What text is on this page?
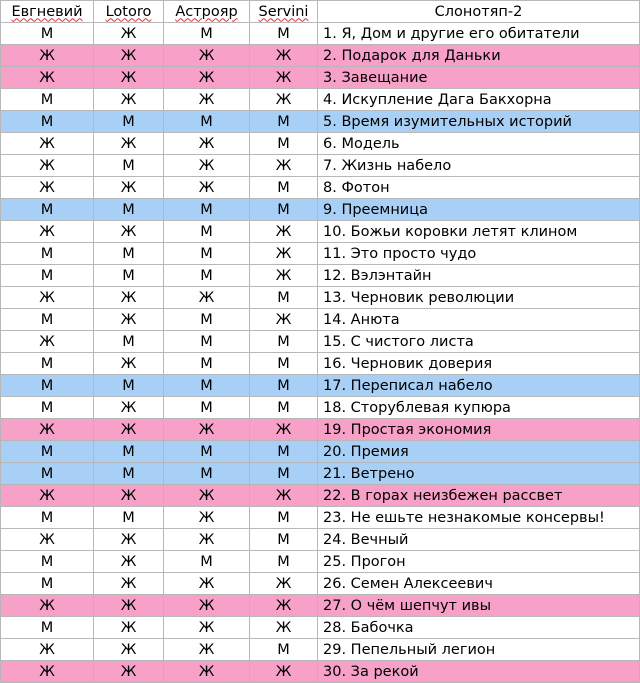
Евгневий	Lotoro	Астрояр	Servini	Слонотяп-2
М	Ж	М	М	1. Я, Дом и другие его обитатели
Ж	Ж	Ж	Ж	2. Подарок для Даньки
Ж	Ж	Ж	Ж	3. Завещание
М	Ж	Ж	Ж	4. Искупление Дага Бакхорна
М	М	М	М	5. Время изумительных историй
Ж	Ж	Ж	М	6. Модель
Ж	М	Ж	Ж	7. Жизнь набело
Ж	Ж	Ж	М	8. Фотон
М	М	М	М	9. Преемница
Ж	Ж	М	Ж	10. Божьи коровки летят клином
М	М	М	Ж	11. Это просто чудо
М	М	М	Ж	12. Вэлэнтайн
Ж	Ж	Ж	М	13. Черновик революции
М	Ж	М	Ж	14. Анюта
Ж	М	М	М	15. С чистого листа
М	Ж	М	М	16. Черновик доверия
М	М	М	М	17. Переписал набело
М	Ж	М	М	18. Сторублевая купюра
Ж	Ж	Ж	Ж	19. Простая экономия
М	М	М	М	20. Премия
М	М	М	М	21. Ветрено
Ж	Ж	Ж	Ж	22. В горах неизбежен рассвет
М	М	Ж	М	23. Не ешьте незнакомые консервы!
Ж	Ж	Ж	М	24. Вечный
М	Ж	М	М	25. Прогон
М	Ж	Ж	Ж	26. Семен Алексеевич
Ж	Ж	Ж	Ж	27. О чём шепчут ивы
М	Ж	Ж	Ж	28. Бабочка
Ж	Ж	Ж	М	29. Пепельный легион
Ж	Ж	Ж	Ж	30. За рекой
